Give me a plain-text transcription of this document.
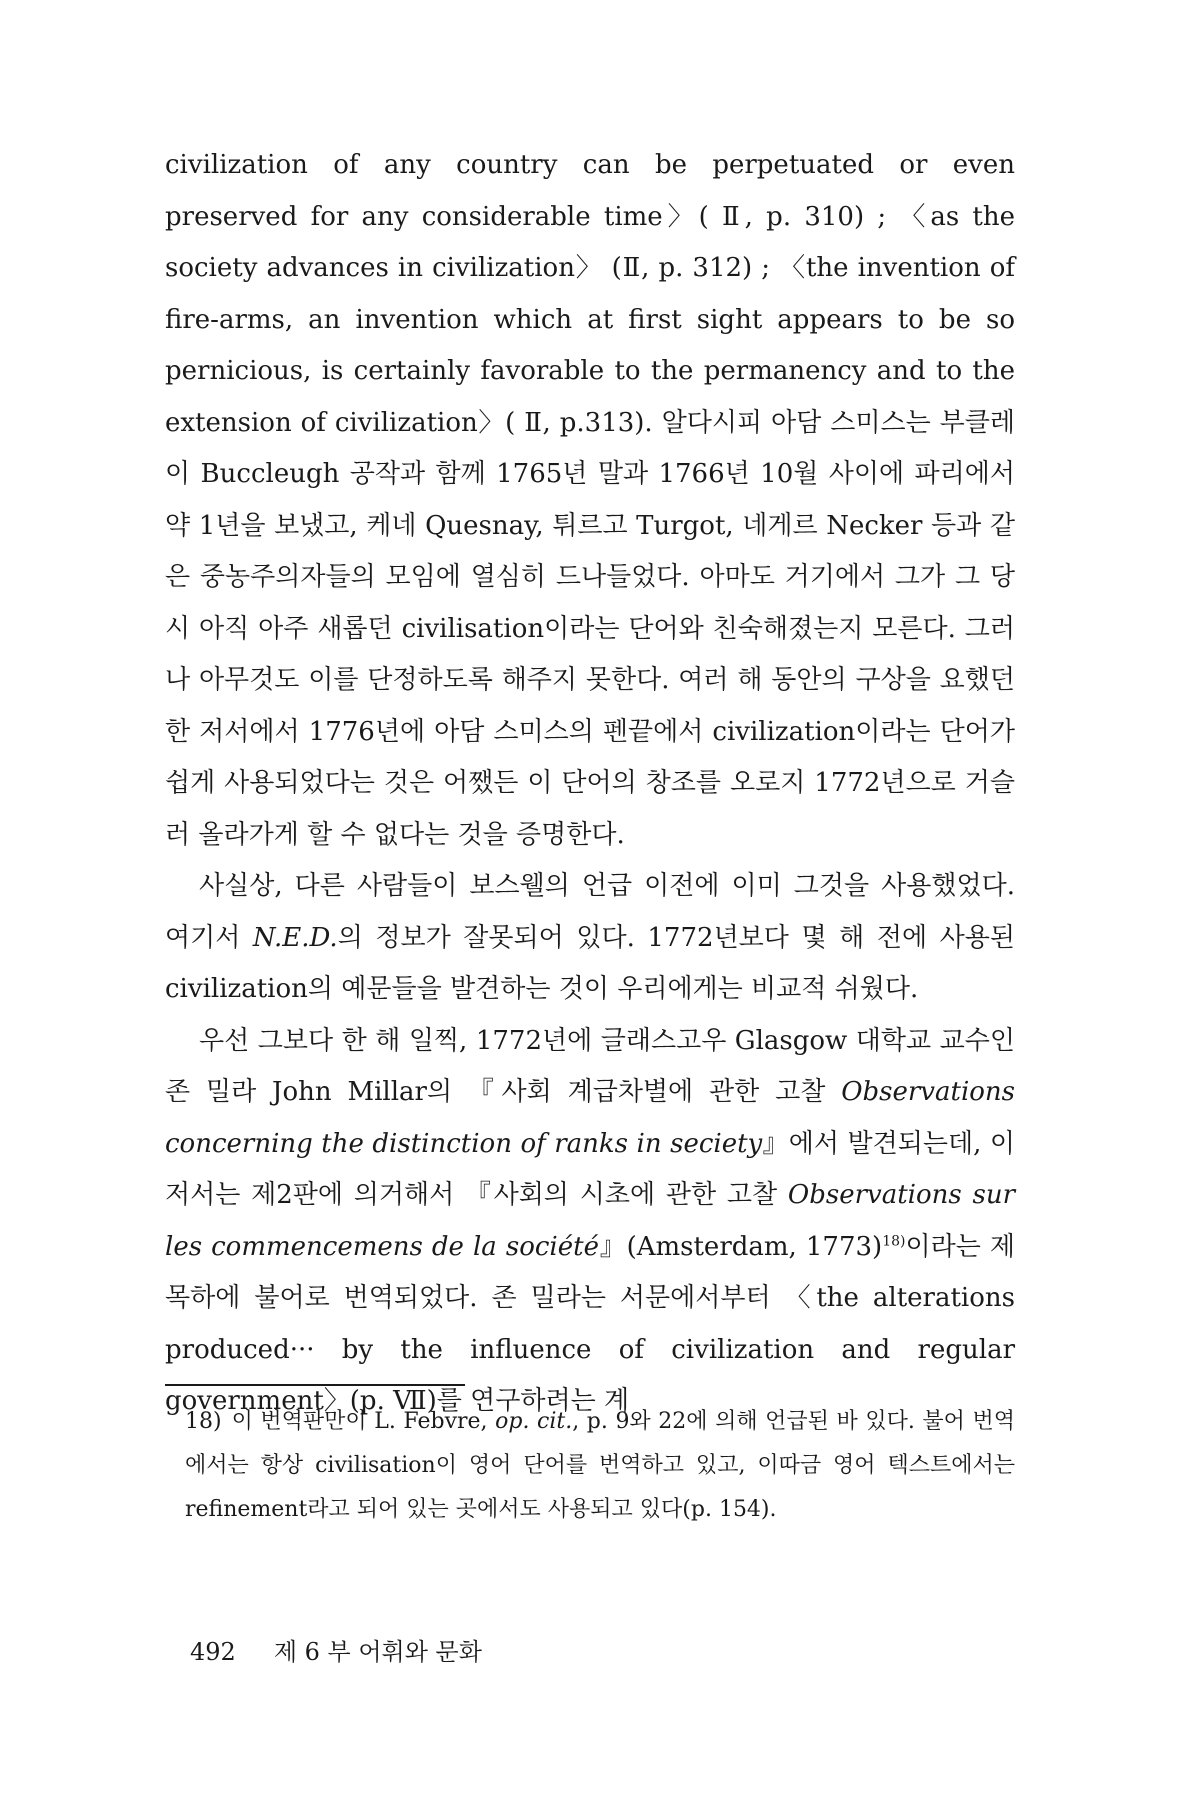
civilization of any country can be perpetuated or even preserved for any considerable time〉( Ⅱ, p. 310) ; 〈as the society advances in civilization〉 (Ⅱ, p. 312) ; 〈the invention of fire-arms, an invention which at first sight appears to be so pernicious, is certainly favorable to the permanency and to the extension of civilization〉( Ⅱ, p.313). 알다시피 아담 스미스는 부클레이 Buccleugh 공작과 함께 1765년 말과 1766년 10월 사이에 파리에서 약 1년을 보냈고, 케네 Quesnay, 튀르고 Turgot, 네게르 Necker 등과 같은 중농주의자들의 모임에 열심히 드나들었다. 아마도 거기에서 그가 그 당시 아직 아주 새롭던 civilisation이라는 단어와 친숙해졌는지 모른다. 그러나 아무것도 이를 단정하도록 해주지 못한다. 여러 해 동안의 구상을 요했던 한 저서에서 1776년에 아담 스미스의 펜끝에서 civilization이라는 단어가 쉽게 사용되었다는 것은 어쨌든 이 단어의 창조를 오로지 1772년으로 거슬러 올라가게 할 수 없다는 것을 증명한다.

사실상, 다른 사람들이 보스웰의 언급 이전에 이미 그것을 사용했었다. 여기서 N.E.D.의 정보가 잘못되어 있다. 1772년보다 몇 해 전에 사용된 civilization의 예문들을 발견하는 것이 우리에게는 비교적 쉬웠다.

우선 그보다 한 해 일찍, 1772년에 글래스고우 Glasgow 대학교 교수인 존 밀라 John Millar의 『사회 계급차별에 관한 고찰 Observations concerning the distinction of ranks in seciety』에서 발견되는데, 이 저서는 제2판에 의거해서 『사회의 시초에 관한 고찰 Observations sur les commencemens de la société』(Amsterdam, 1773)$^{18)}$이라는 제목하에 불어로 번역되었다. 존 밀라는 서문에서부터 〈the alterations produced··· by the influence of civilization and regular government〉(p. Ⅶ)를 연구하려는 계

18) 이 번역판만이 L. Febvre, op. cit., p. 9와 22에 의해 언급된 바 있다. 불어 번역에서는 항상 civilisation이 영어 단어를 번역하고 있고, 이따금 영어 텍스트에서는 refinement라고 되어 있는 곳에서도 사용되고 있다(p. 154).
492 제 6 부 어휘와 문화
